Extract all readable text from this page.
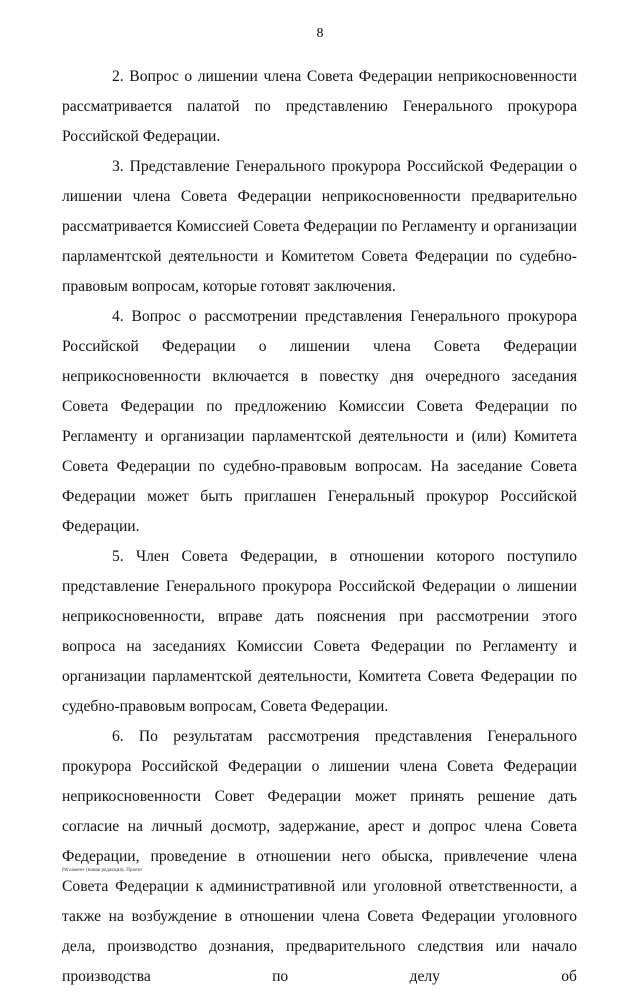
8

2. Вопрос о лишении члена Совета Федерации неприкосновенности рассматривается палатой по представлению Генерального прокурора Российской Федерации.

3. Представление Генерального прокурора Российской Федерации о лишении члена Совета Федерации неприкосновенности предварительно рассматривается Комиссией Совета Федерации по Регламенту и организации парламентской деятельности и Комитетом Совета Федерации по судебно-правовым вопросам, которые готовят заключения.

4. Вопрос о рассмотрении представления Генерального прокурора Российской Федерации о лишении члена Совета Федерации неприкосновенности включается в повестку дня очередного заседания Совета Федерации по предложению Комиссии Совета Федерации по Регламенту и организации парламентской деятельности и (или) Комитета Совета Федерации по судебно-правовым вопросам. На заседание Совета Федерации может быть приглашен Генеральный прокурор Российской Федерации.

5. Член Совета Федерации, в отношении которого поступило представление Генерального прокурора Российской Федерации о лишении неприкосновенности, вправе дать пояснения при рассмотрении этого вопроса на заседаниях Комиссии Совета Федерации по Регламенту и организации парламентской деятельности, Комитета Совета Федерации по судебно-правовым вопросам, Совета Федерации.

6. По результатам рассмотрения представления Генерального прокурора Российской Федерации о лишении члена Совета Федерации неприкосновенности Совет Федерации может принять решение дать согласие на личный досмотр, задержание, арест и допрос члена Совета Федерации, проведение в отношении него обыска, привлечение члена Совета Федерации к административной или уголовной ответственности, а также на возбуждение в отношении члена Совета Федерации уголовного дела, производство дознания, предварительного следствия или начало производства по делу об

Регламент (новая редакция). Проект
